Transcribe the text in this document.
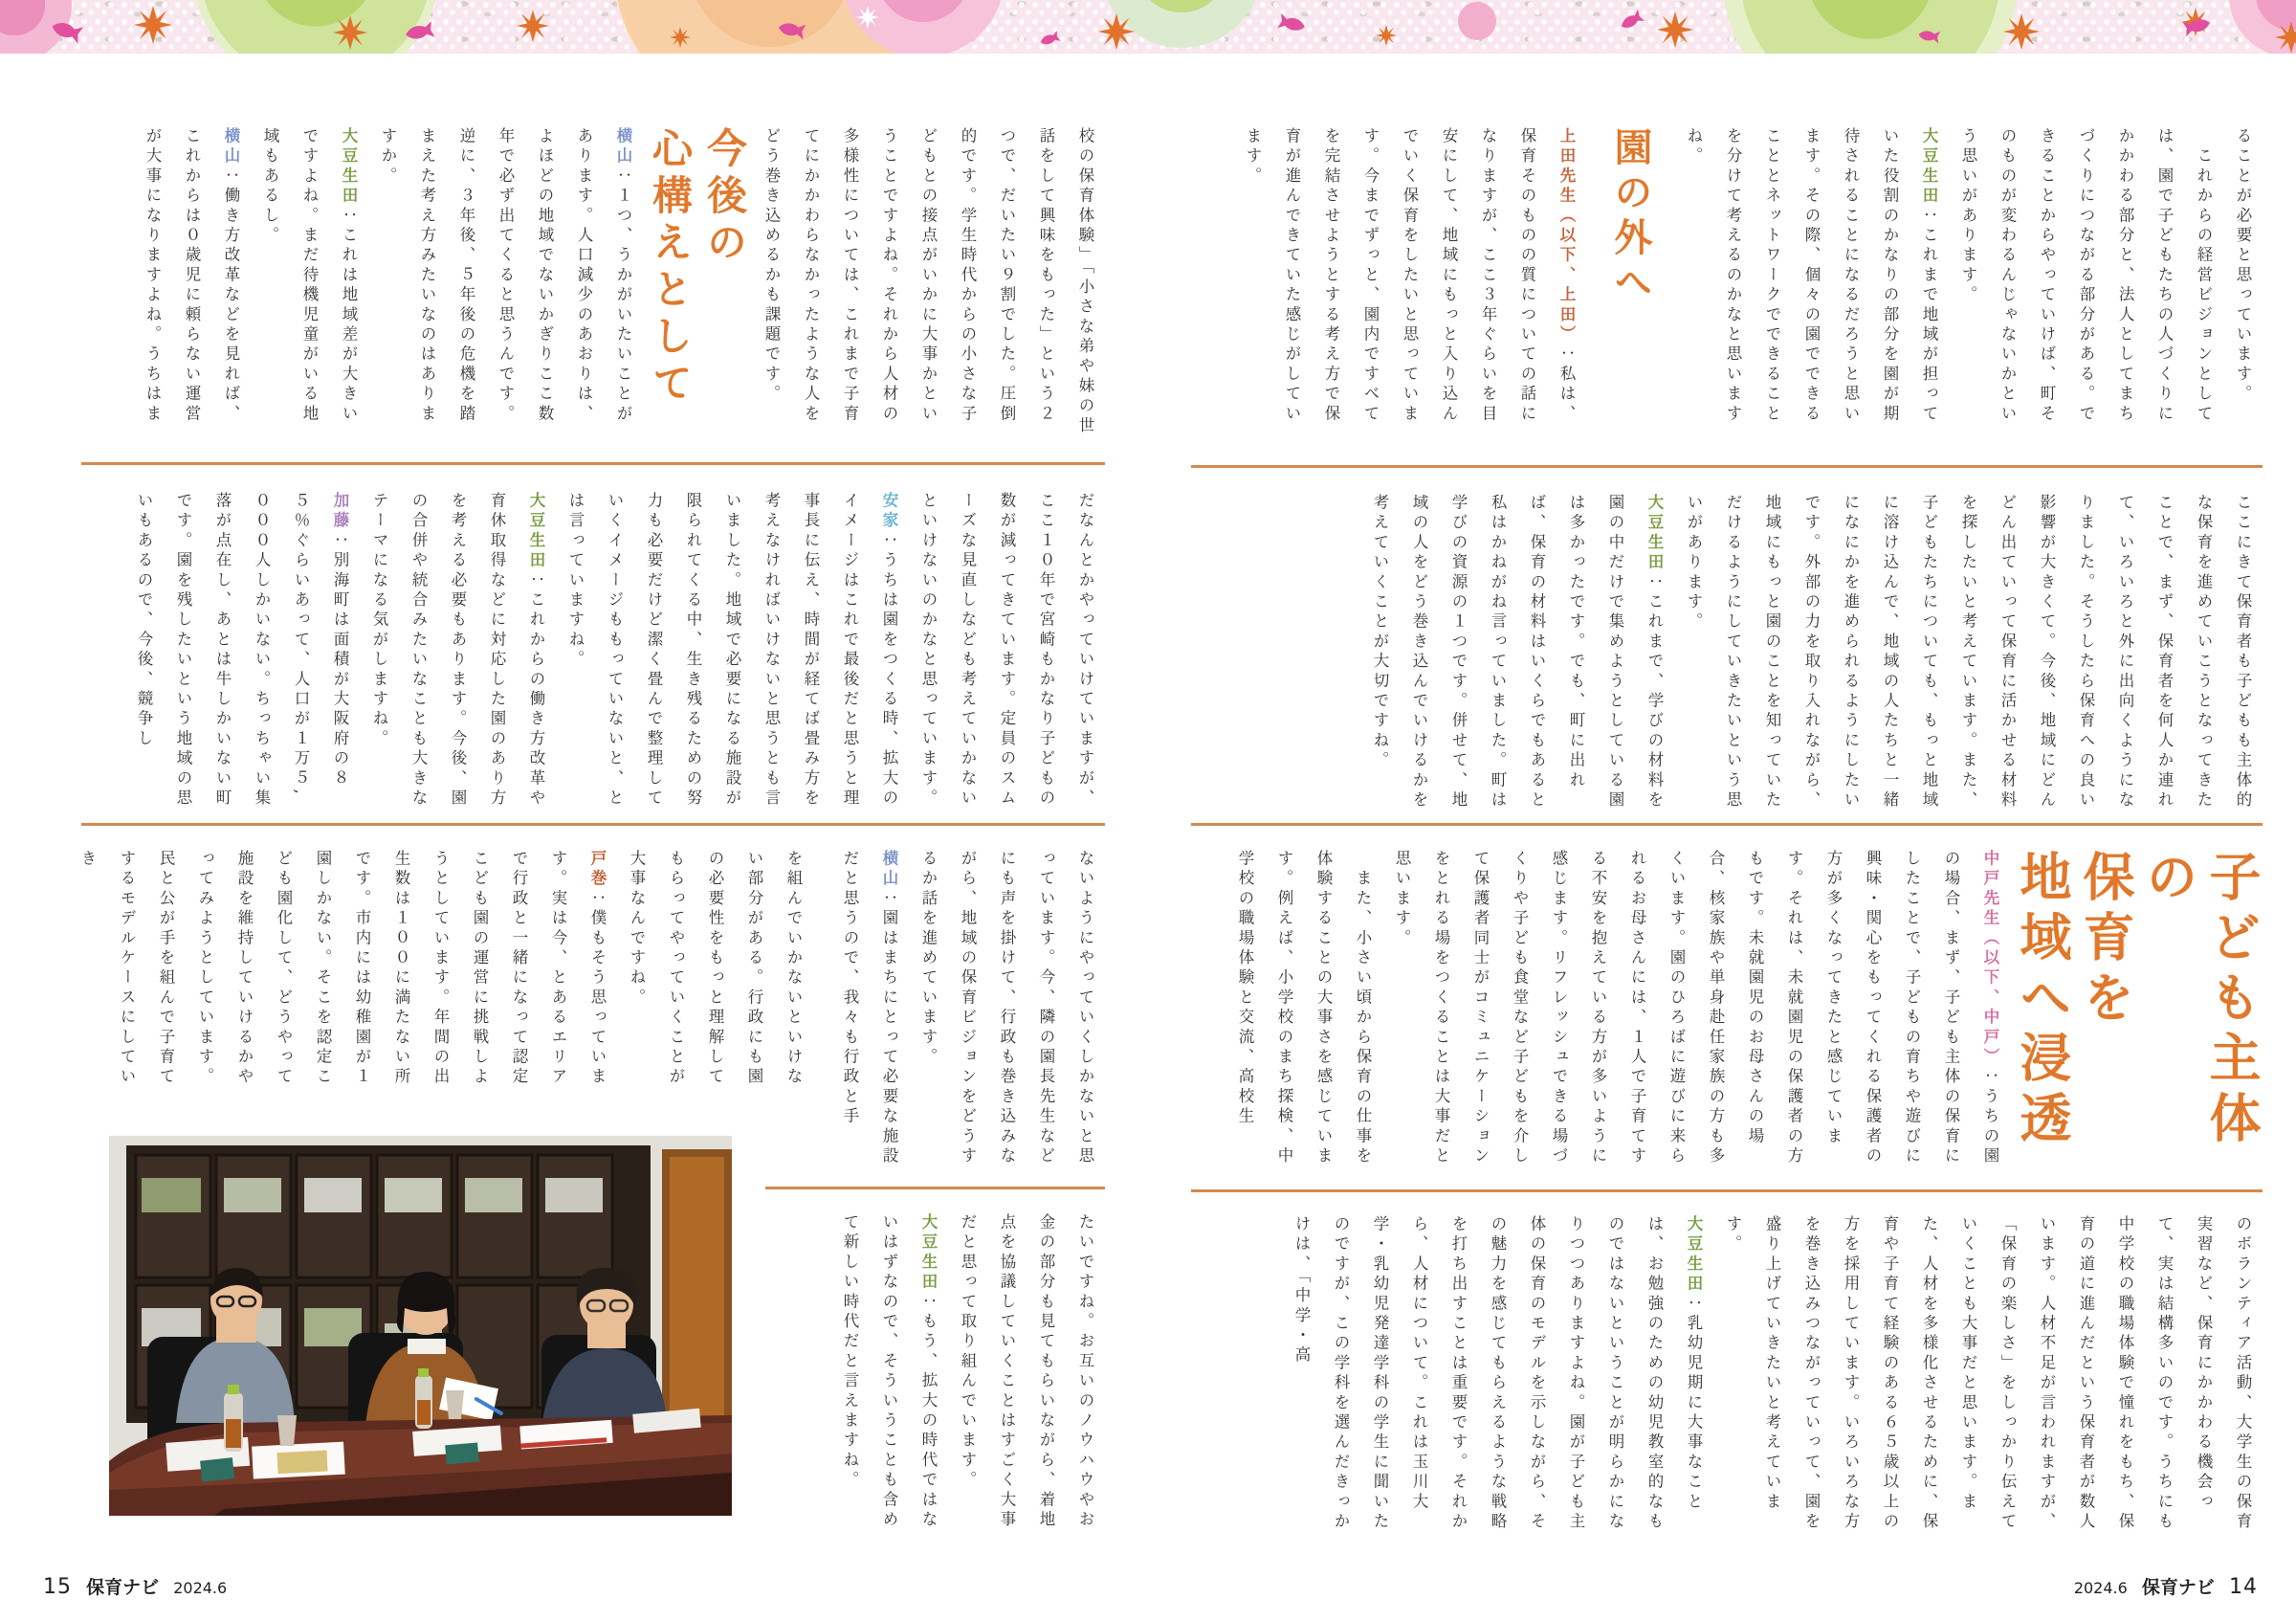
ることが必要と思っています。
　これからの経営ビジョンとしては、園で子どもたちの人づくりにかかわる部分と、法人としてまちづくりにつながる部分がある。できることからやっていけば、町そのものが変わるんじゃないかという思いがあります。
大豆生田：これまで地域が担っていた役割のかなりの部分を園が期待されることになるだろうと思います。その際、個々の園でできることとネットワークでできることを分けて考えるのかなと思いますね。
園の外へ
上田先生（以下、上田）：私は、保育そのものの質についての話になりますが、ここ３年ぐらいを目安にして、地域にもっと入り込んでいく保育をしたいと思っています。今までずっと、園内ですべてを完結させようとする考え方で保育が進んできていた感じがしています。
ここにきて保育者も子どもも主体的な保育を進めていこうとなってきたことで、まず、保育者を何人か連れて、いろいろと外に出向くようになりました。そうしたら保育への良い影響が大きくて。今後、地域にどんどん出ていって保育に活かせる材料を探したいと考えています。また、子どもたちについても、もっと地域に溶け込んで、地域の人たちと一緒になにかを進められるようにしたいです。外部の力を取り入れながら、地域にもっと園のことを知っていただけるようにしていきたいという思いがあります。
大豆生田：これまで、学びの材料を園の中だけで集めようとしている園は多かったです。でも、町に出れば、保育の材料はいくらでもあると私はかねがね言っていました。町は学びの資源の１つです。併せて、地域の人をどう巻き込んでいけるかを考えていくことが大切ですね。
子ども主体の
保育を
地域へ浸透
中戸先生（以下、中戸）：うちの園の場合、まず、子ども主体の保育にしたことで、子どもの育ちや遊びに興味・関心をもってくれる保護者の方が多くなってきたと感じています。それは、未就園児の保護者の方もです。未就園児のお母さんの場合、核家族や単身赴任家族の方も多くいます。園のひろばに遊びに来られるお母さんには、１人で子育てする不安を抱えている方が多いように感じます。リフレッシュできる場づくりや子ども食堂など子どもを介して保護者同士がコミュニケーションをとれる場をつくることは大事だと思います。
　また、小さい頃から保育の仕事を体験することの大事さを感じています。例えば、小学校のまち探検、中学校の職場体験と交流、高校生
のボランティア活動、大学生の保育実習など、保育にかかわる機会って、実は結構多いのです。うちにも中学校の職場体験で憧れをもち、保育の道に進んだという保育者が数人います。人材不足が言われますが、「保育の楽しさ」をしっかり伝えていくことも大事だと思います。また、人材を多様化させるために、保育や子育て経験のある６５歳以上の方を採用しています。いろいろな方を巻き込みつながっていって、園を盛り上げていきたいと考えています。
大豆生田：乳幼児期に大事なことは、お勉強のための幼児教室的なものではないということが明らかになりつつありますよね。園が子ども主体の保育のモデルを示しながら、その魅力を感じてもらえるような戦略を打ち出すことは重要です。それから、人材について。これは玉川大学・乳幼児発達学科の学生に聞いたのですが、この学科を選んだきっかけは、「中学・高
校の保育体験」「小さな弟や妹の世話をして興味をもった」という２つで、だいたい９割でした。圧倒的です。学生時代からの小さな子どもとの接点がいかに大事かということですよね。それから人材の多様性については、これまで子育てにかかわらなかったような人をどう巻き込めるかも課題です。
今後の
心構えとして
横山：１つ、うかがいたいことがあります。人口減少のあおりは、よほどの地域でないかぎりここ数年で必ず出てくると思うんです。逆に、３年後、５年後の危機を踏まえた考え方みたいなのはありますか。
大豆生田：これは地域差が大きいですよね。まだ待機児童がいる地域もあるし。
横山：働き方改革などを見れば、これからは０歳児に頼らない運営が大事になりますよね。うちはま
だなんとかやっていけていますが、ここ１０年で宮崎もかなり子どもの数が減ってきています。定員のスムーズな見直しなども考えていかないといけないのかなと思っています。
安家：うちは園をつくる時、拡大のイメージはこれで最後だと思うと理事長に伝え、時間が経てば畳み方を考えなければいけないと思うとも言いました。地域で必要になる施設が限られてくる中、生き残るための努力も必要だけど潔く畳んで整理していくイメージももっていないと、とは言っていますね。
大豆生田：これからの働き方改革や育休取得などに対応した園のあり方を考える必要もあります。今後、園の合併や統合みたいなことも大きなテーマになる気がしますね。
加藤：別海町は面積が大阪府の８５％ぐらいあって、人口が１万５,０００人しかいない。ちっちゃい集落が点在し、あとは牛しかいない町です。園を残したいという地域の思いもあるので、今後、競争し
ないようにやっていくしかないと思っています。今、隣の園長先生などにも声を掛けて、行政も巻き込みながら、地域の保育ビジョンをどうするか話を進めています。
横山：園はまちにとって必要な施設だと思うので、我々も行政と手
を組んでいかないといけない部分がある。行政にも園の必要性をもっと理解してもらってやっていくことが大事なんですね。
戸巻：僕もそう思っています。実は今、とあるエリアで行政と一緒になって認定こども園の運営に挑戦しようとしています。年間の出生数は１００に満たない所です。市内には幼稚園が１園しかない。そこを認定こども園化して、どうやって施設を維持していけるかやってみようとしています。民と公が手を組んで子育てするモデルケースにしていき
たいですね。お互いのノウハウやお金の部分も見てもらいながら、着地点を協議していくことはすごく大事だと思って取り組んでいます。
大豆生田：もう、拡大の時代ではないはずなので、そういうことも含めて新しい時代だと言えますね。
15 保育ナビ 2024.6	2024.6 保育ナビ 14
